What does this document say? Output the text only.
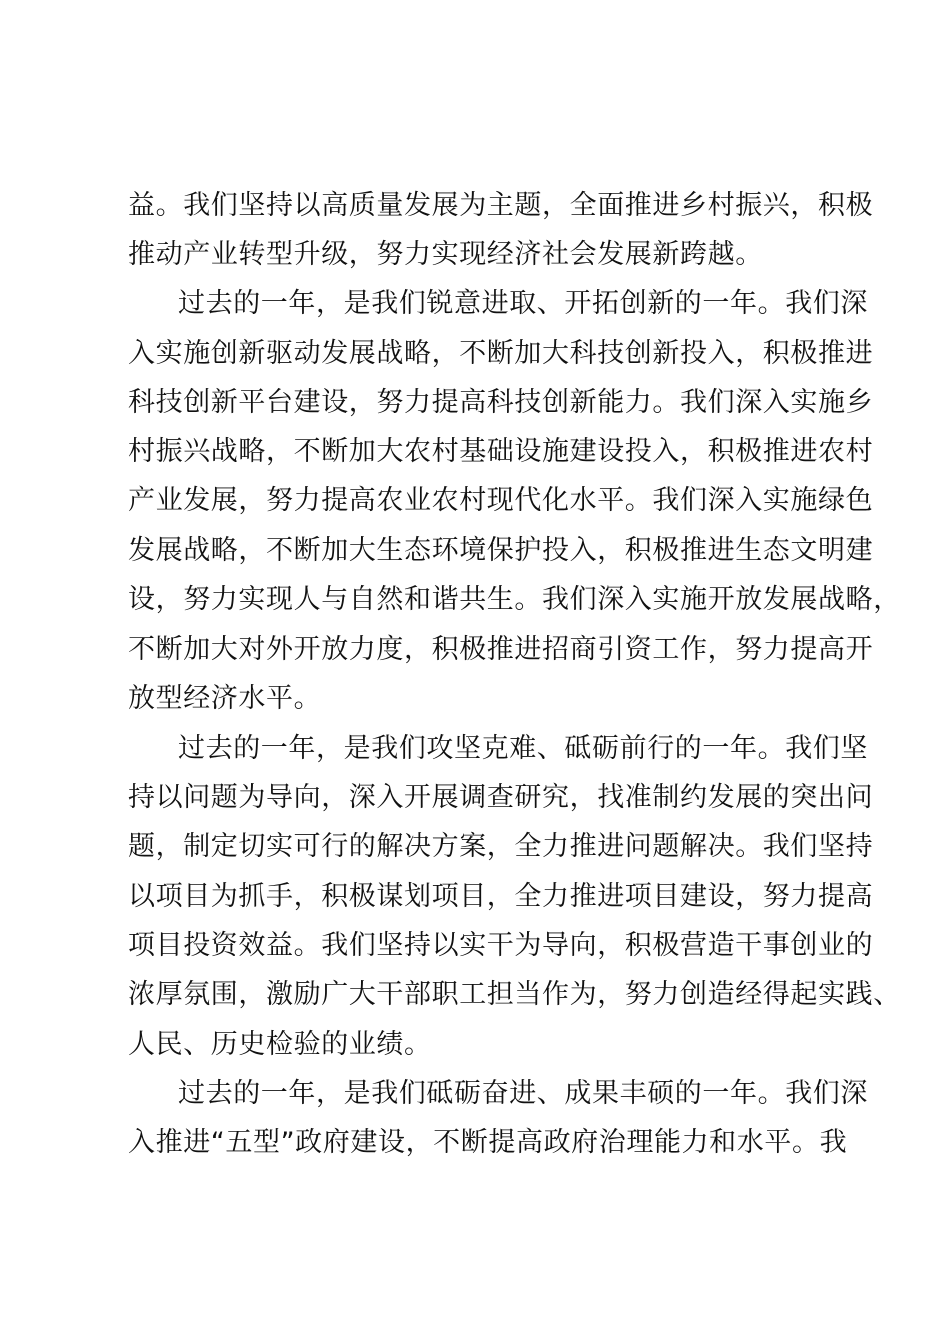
益。我们坚持以高质量发展为主题，全面推进乡村振兴，积极
推动产业转型升级，努力实现经济社会发展新跨越。
过去的一年，是我们锐意进取、开拓创新的一年。我们深
入实施创新驱动发展战略，不断加大科技创新投入，积极推进
科技创新平台建设，努力提高科技创新能力。我们深入实施乡
村振兴战略，不断加大农村基础设施建设投入，积极推进农村
产业发展，努力提高农业农村现代化水平。我们深入实施绿色
发展战略，不断加大生态环境保护投入，积极推进生态文明建
设，努力实现人与自然和谐共生。我们深入实施开放发展战略，
不断加大对外开放力度，积极推进招商引资工作，努力提高开
放型经济水平。
过去的一年，是我们攻坚克难、砥砺前行的一年。我们坚
持以问题为导向，深入开展调查研究，找准制约发展的突出问
题，制定切实可行的解决方案，全力推进问题解决。我们坚持
以项目为抓手，积极谋划项目，全力推进项目建设，努力提高
项目投资效益。我们坚持以实干为导向，积极营造干事创业的
浓厚氛围，激励广大干部职工担当作为，努力创造经得起实践、
人民、历史检验的业绩。
过去的一年，是我们砥砺奋进、成果丰硕的一年。我们深
入推进“五型”政府建设，不断提高政府治理能力和水平。我
